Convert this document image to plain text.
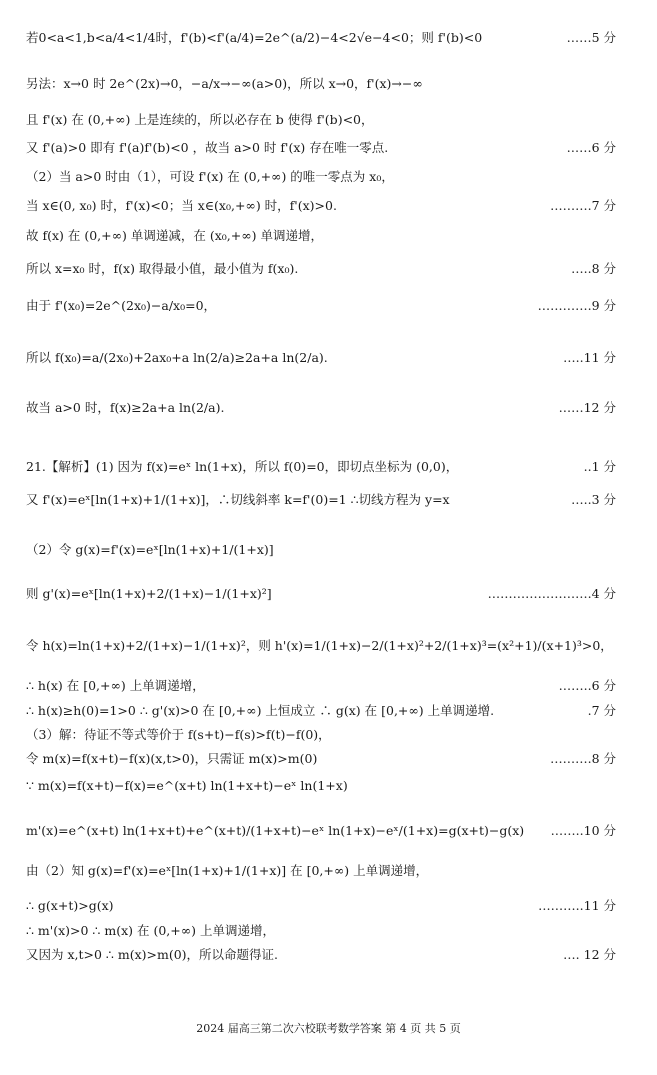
若0<a<1,b<a/4<1/4时，f'(b)<f'(a/4)=2e^(a/2)−4<2√e−4<0；则 f'(b)<0	……5 分
另法：x→0 时 2e^(2x)→0，−a/x→−∞(a>0)，所以 x→0，f'(x)→−∞
且 f'(x) 在 (0,+∞) 上是连续的，所以必存在 b 使得 f'(b)<0，
又 f'(a)>0 即有 f'(a)f'(b)<0 ，故当 a>0 时 f'(x) 存在唯一零点.	……6 分
（2）当 a>0 时由（1），可设 f'(x) 在 (0,+∞) 的唯一零点为 x₀，
当 x∈(0, x₀) 时，f'(x)<0；当 x∈(x₀,+∞) 时，f'(x)>0.	……….7 分
故 f(x) 在 (0,+∞) 单调递减，在 (x₀,+∞) 单调递增，
所以 x=x₀ 时，f(x) 取得最小值，最小值为 f(x₀).	…..8 分
由于 f'(x₀)=2e^(2x₀)−a/x₀=0，	………….9 分
所以 f(x₀)=a/(2x₀)+2ax₀+a ln(2/a)≥2a+a ln(2/a).	…..11 分
故当 a>0 时，f(x)≥2a+a ln(2/a).	……12 分
21.【解析】(1) 因为 f(x)=eˣ ln(1+x)，所以 f(0)=0，即切点坐标为 (0,0)，	..1 分
又 f'(x)=eˣ[ln(1+x)+1/(1+x)]，∴切线斜率 k=f'(0)=1 ∴切线方程为 y=x	…..3 分
（2）令 g(x)=f'(x)=eˣ[ln(1+x)+1/(1+x)]
则 g'(x)=eˣ[ln(1+x)+2/(1+x)−1/(1+x)²]	…………………….4 分
令 h(x)=ln(1+x)+2/(1+x)−1/(1+x)²，则 h'(x)=1/(1+x)−2/(1+x)²+2/(1+x)³=(x²+1)/(x+1)³>0，
∴ h(x) 在 [0,+∞) 上单调递增，	……..6 分
∴ h(x)≥h(0)=1>0 ∴ g'(x)>0 在 [0,+∞) 上恒成立 ∴ g(x) 在 [0,+∞) 上单调递增.	.7 分
（3）解：待证不等式等价于 f(s+t)−f(s)>f(t)−f(0)，
令 m(x)=f(x+t)−f(x)(x,t>0)，只需证 m(x)>m(0)	……….8 分
∵ m(x)=f(x+t)−f(x)=e^(x+t) ln(1+x+t)−eˣ ln(1+x)
m'(x)=e^(x+t) ln(1+x+t)+e^(x+t)/(1+x+t)−eˣ ln(1+x)−eˣ/(1+x)=g(x+t)−g(x)	……..10 分
由（2）知 g(x)=f'(x)=eˣ[ln(1+x)+1/(1+x)] 在 [0,+∞) 上单调递增，
∴ g(x+t)>g(x)	………..11 分
∴ m'(x)>0 ∴ m(x) 在 (0,+∞) 上单调递增，
又因为 x,t>0 ∴ m(x)>m(0)，所以命题得证.	…. 12 分
2024 届高三第二次六校联考数学答案 第 4 页 共 5 页
